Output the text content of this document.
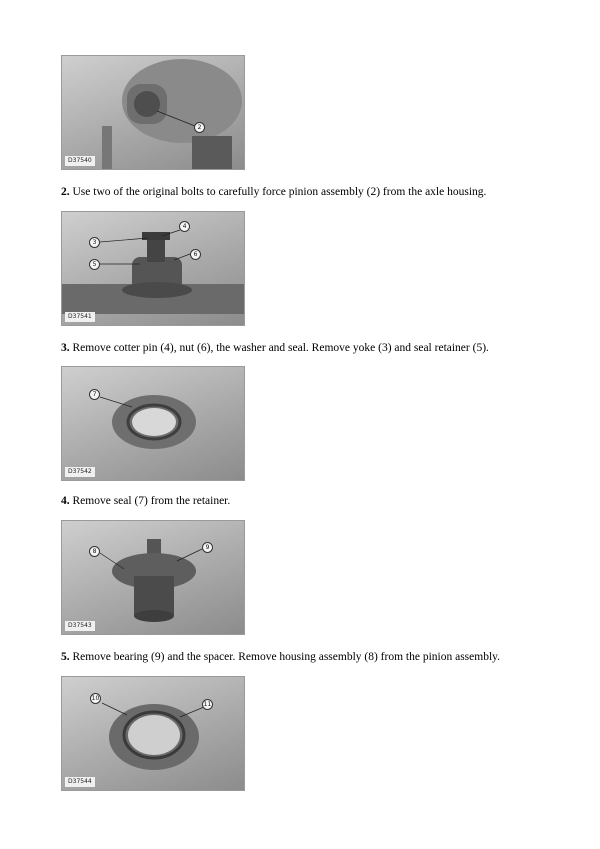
2
D37540
2. Use two of the original bolts to carefully force pinion assembly (2) from the axle housing.
3
4
5
6
D37541
3. Remove cotter pin (4), nut (6), the washer and seal. Remove yoke (3) and seal retainer (5).
7
D37542
4. Remove seal (7) from the retainer.
8
9
D37543
5. Remove bearing (9) and the spacer. Remove housing assembly (8) from the pinion assembly.
10
11
D37544
